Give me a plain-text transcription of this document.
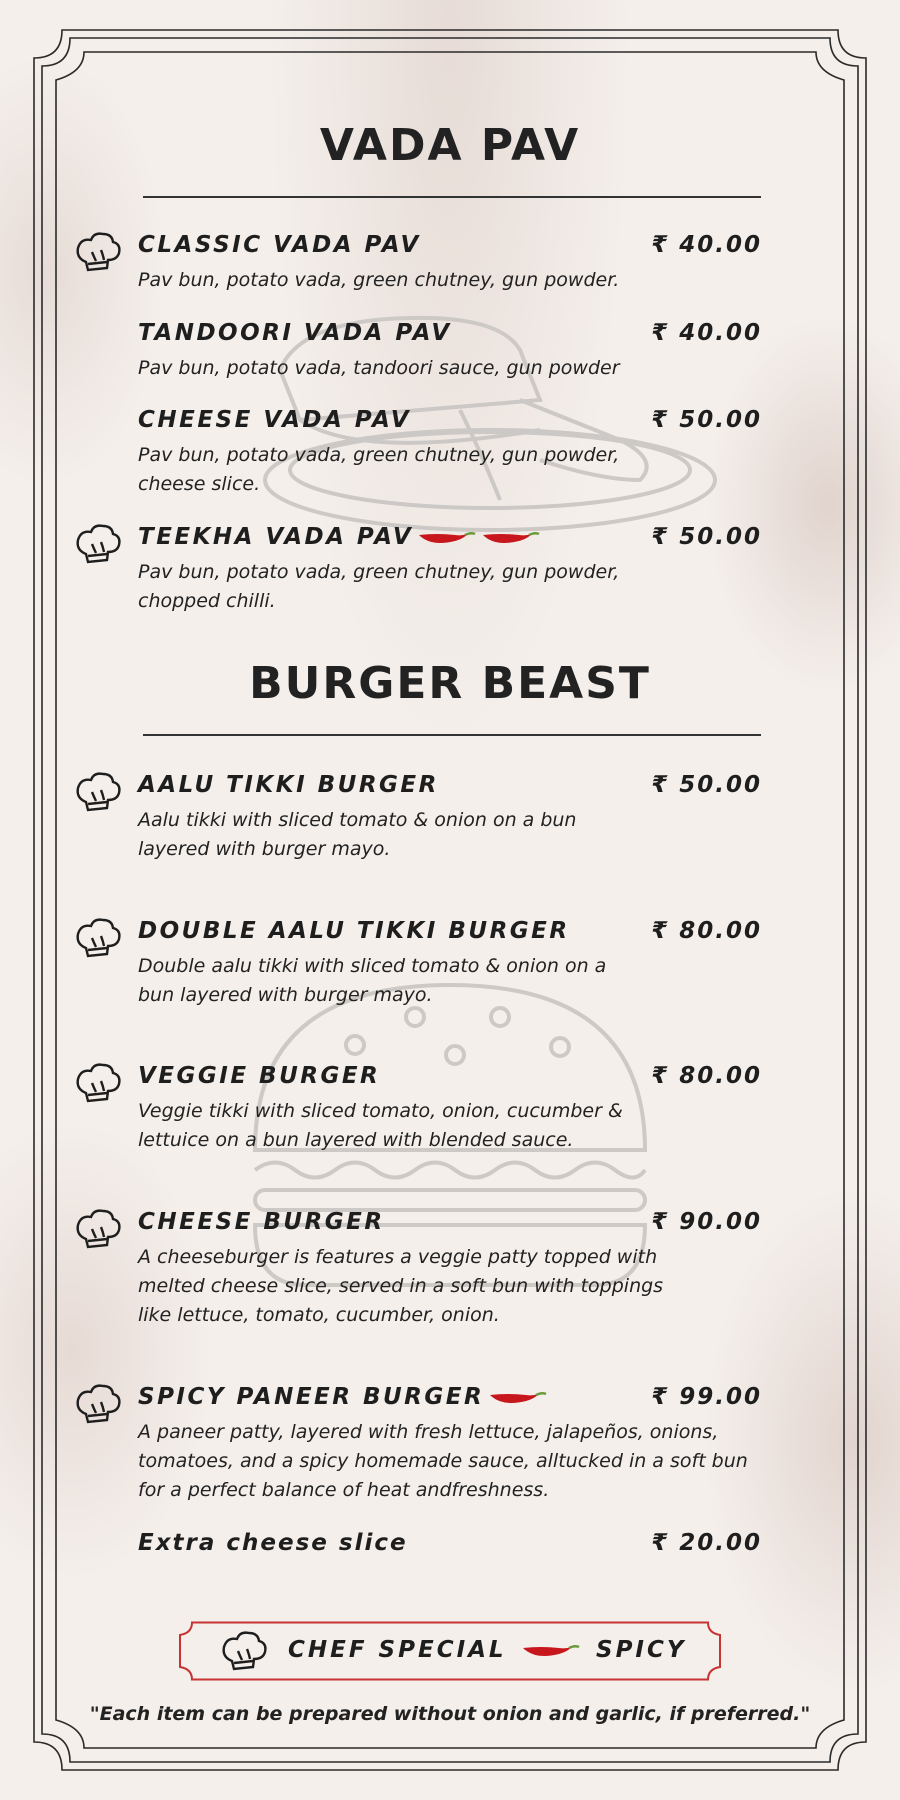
VADA PAV
CLASSIC VADA PAV	₹ 40.00
Pav bun, potato vada, green chutney, gun powder.
TANDOORI VADA PAV	₹ 40.00
Pav bun, potato vada, tandoori sauce, gun powder
CHEESE VADA PAV	₹ 50.00
Pav bun, potato vada, green chutney, gun powder, cheese slice.
TEEKHA VADA PAV	₹ 50.00
Pav bun, potato vada, green chutney, gun powder, chopped chilli.
BURGER BEAST
AALU TIKKI BURGER	₹ 50.00
Aalu tikki with sliced tomato & onion on a bun layered with burger mayo.
DOUBLE AALU TIKKI BURGER	₹ 80.00
Double aalu tikki with sliced tomato & onion on a bun layered with burger mayo.
VEGGIE BURGER	₹ 80.00
Veggie tikki with sliced tomato, onion, cucumber & lettuice on a bun layered with blended sauce.
CHEESE BURGER	₹ 90.00
A cheeseburger is features a veggie patty topped with melted cheese slice, served in a soft bun with toppings like lettuce, tomato, cucumber, onion.
SPICY PANEER BURGER	₹ 99.00
A paneer patty, layered with fresh lettuce, jalapeños, onions, tomatoes, and a spicy homemade sauce, alltucked in a soft bun for a perfect balance of heat andfreshness.
Extra cheese slice	₹ 20.00
CHEF SPECIAL	SPICY
"Each item can be prepared without onion and garlic, if preferred."
